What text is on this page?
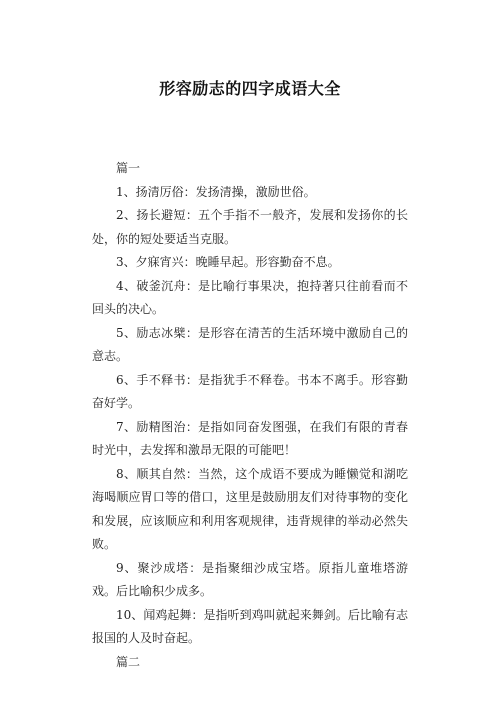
形容励志的四字成语大全

篇一

1、扬清厉俗：发扬清操，激励世俗。

2、扬长避短：五个手指不一般齐，发展和发扬你的长处，你的短处要适当克服。

3、夕寐宵兴：晚睡早起。形容勤奋不息。

4、破釜沉舟：是比喻行事果决，抱持著只往前看而不回头的决心。

5、励志冰檗：是形容在清苦的生活环境中激励自己的意志。

6、手不释书：是指犹手不释卷。书本不离手。形容勤奋好学。

7、励精图治：是指如同奋发图强，在我们有限的青春时光中，去发挥和激昂无限的可能吧！

8、顺其自然：当然，这个成语不要成为睡懒觉和湖吃海喝顺应胃口等的借口，这里是鼓励朋友们对待事物的变化和发展，应该顺应和利用客观规律，违背规律的举动必然失败。

9、聚沙成塔：是指聚细沙成宝塔。原指儿童堆塔游戏。后比喻积少成多。

10、闻鸡起舞：是指听到鸡叫就起来舞剑。后比喻有志报国的人及时奋起。

篇二
